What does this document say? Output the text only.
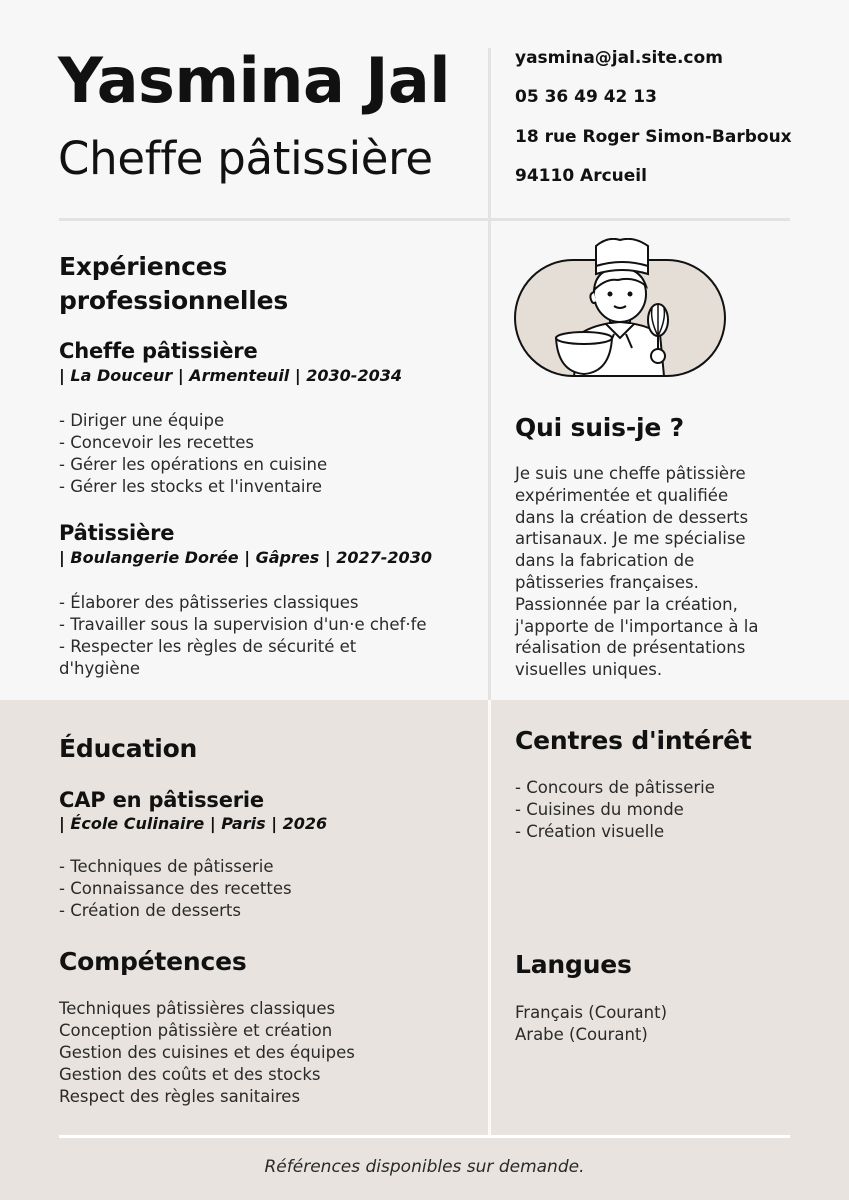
Yasmina Jal
Cheffe pâtissière
yasmina@jal.site.com
05 36 49 42 13
18 rue Roger Simon-Barboux
94110 Arcueil
Expériences
professionnelles
Cheffe pâtissière
| La Douceur | Armenteuil | 2030-2034
- Diriger une équipe
- Concevoir les recettes
- Gérer les opérations en cuisine
- Gérer les stocks et l'inventaire
Pâtissière
| Boulangerie Dorée | Gâpres | 2027-2030
- Élaborer des pâtisseries classiques
- Travailler sous la supervision d'un·e chef·fe
- Respecter les règles de sécurité et
d'hygiène
Qui suis-je ?
Je suis une cheffe pâtissière
expérimentée et qualifiée
dans la création de desserts
artisanaux. Je me spécialise
dans la fabrication de
pâtisseries françaises.
Passionnée par la création,
j'apporte de l'importance à la
réalisation de présentations
visuelles uniques.
Éducation
CAP en pâtisserie
| École Culinaire | Paris | 2026
- Techniques de pâtisserie
- Connaissance des recettes
- Création de desserts
Compétences
Techniques pâtissières classiques
Conception pâtissière et création
Gestion des cuisines et des équipes
Gestion des coûts et des stocks
Respect des règles sanitaires
Centres d'intérêt
- Concours de pâtisserie
- Cuisines du monde
- Création visuelle
Langues
Français (Courant)
Arabe (Courant)
Références disponibles sur demande.
